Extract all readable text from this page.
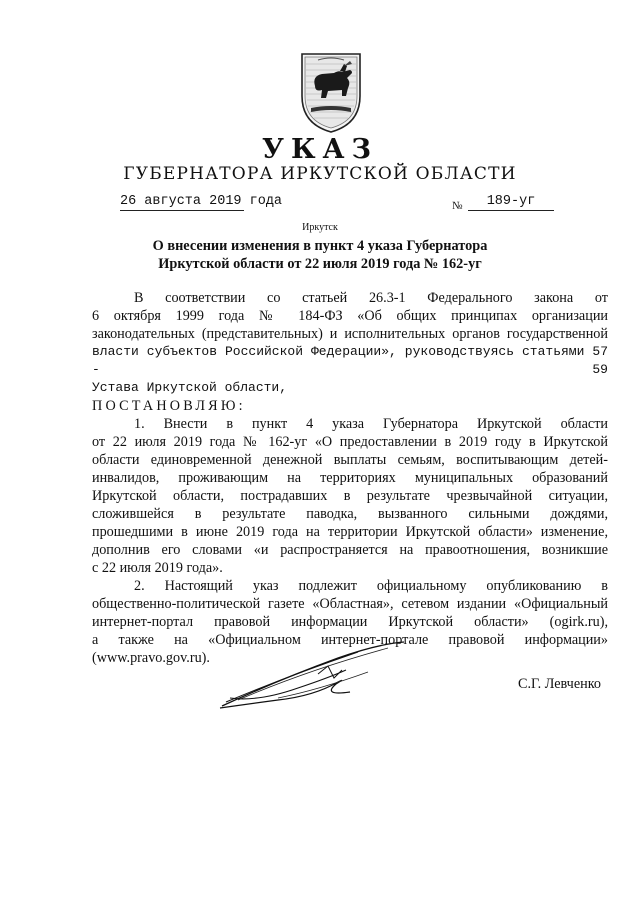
УКАЗ
ГУБЕРНАТОРА ИРКУТСКОЙ ОБЛАСТИ
26 августа 2019 года	№	189-уг
Иркутск
О внесении изменения в пункт 4 указа Губернатора
Иркутской области от 22 июля 2019 года № 162-уг
В соответствии со статьей 26.3-1 Федерального закона от
6 октября 1999 года № 184-ФЗ «Об общих принципах организации
законодательных (представительных) и исполнительных органов государственной
власти субъектов Российской Федерации», руководствуясь статьями 57 - 59
Устава Иркутской области,
ПОСТАНОВЛЯЮ:
1. Внести в пункт 4 указа Губернатора Иркутской области
от 22 июля 2019 года № 162-уг «О предоставлении в 2019 году в Иркутской
области единовременной денежной выплаты семьям, воспитывающим детей-
инвалидов, проживающим на территориях муниципальных образований
Иркутской области, пострадавших в результате чрезвычайной ситуации,
сложившейся в результате паводка, вызванного сильными дождями,
прошедшими в июне 2019 года на территории Иркутской области» изменение,
дополнив его словами «и распространяется на правоотношения, возникшие
с 22 июля 2019 года».
2. Настоящий указ подлежит официальному опубликованию в
общественно-политической газете «Областная», сетевом издании «Официальный
интернет-портал правовой информации Иркутской области» (ogirk.ru),
а также на «Официальном интернет-портале правовой информации»
(www.pravo.gov.ru).
С.Г. Левченко
